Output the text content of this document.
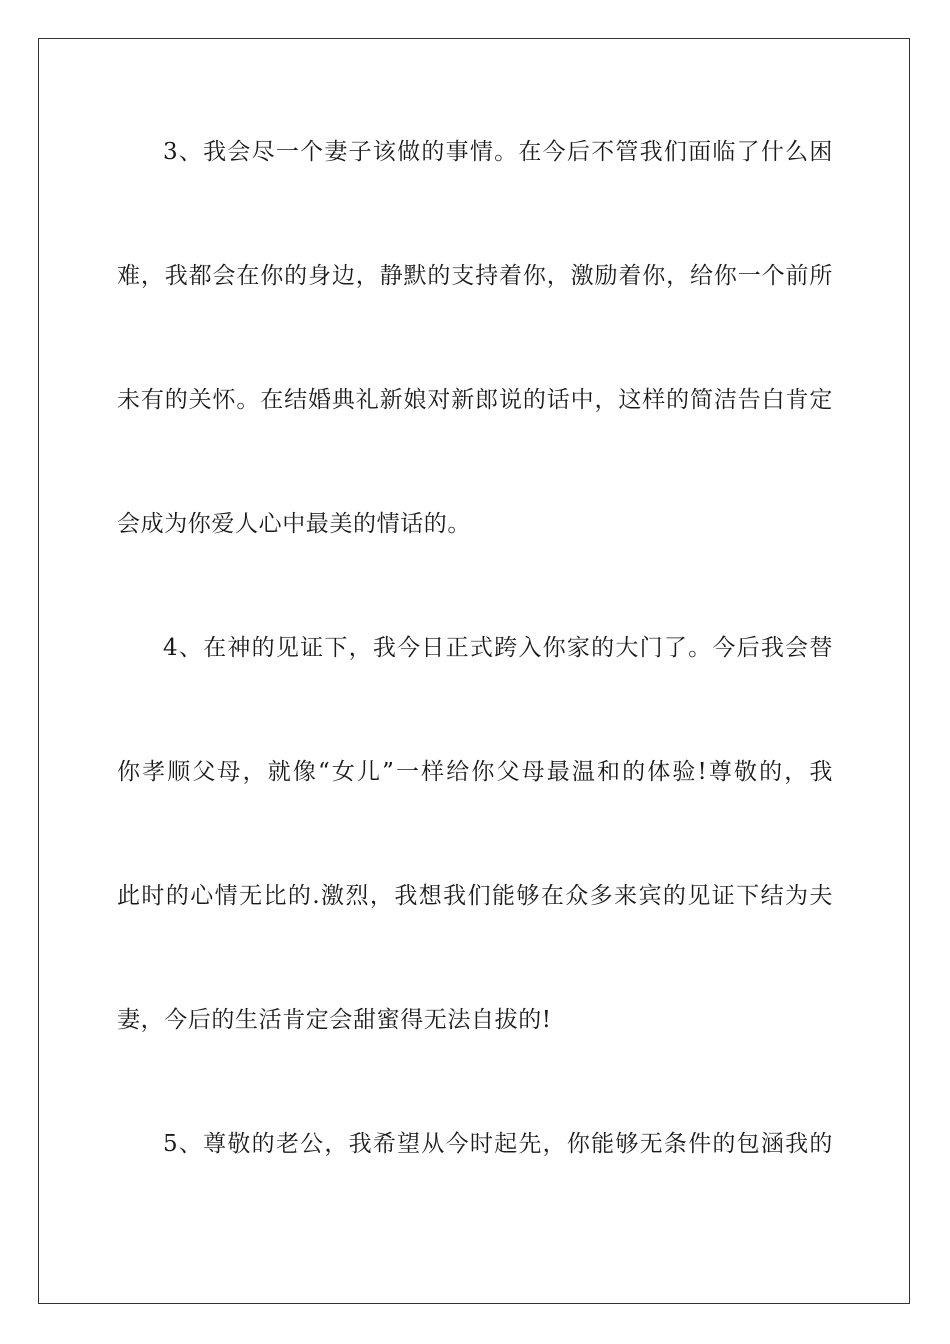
3、我会尽一个妻子该做的事情。在今后不管我们面临了什么困
难，我都会在你的身边，静默的支持着你，激励着你，给你一个前所
未有的关怀。在结婚典礼新娘对新郎说的话中，这样的简洁告白肯定
会成为你爱人心中最美的情话的。
4、在神的见证下，我今日正式跨入你家的大门了。今后我会替
你孝顺父母，就像“女儿”一样给你父母最温和的体验!尊敬的，我
此时的心情无比的.激烈，我想我们能够在众多来宾的见证下结为夫
妻，今后的生活肯定会甜蜜得无法自拔的!
5、尊敬的老公，我希望从今时起先，你能够无条件的包涵我的
